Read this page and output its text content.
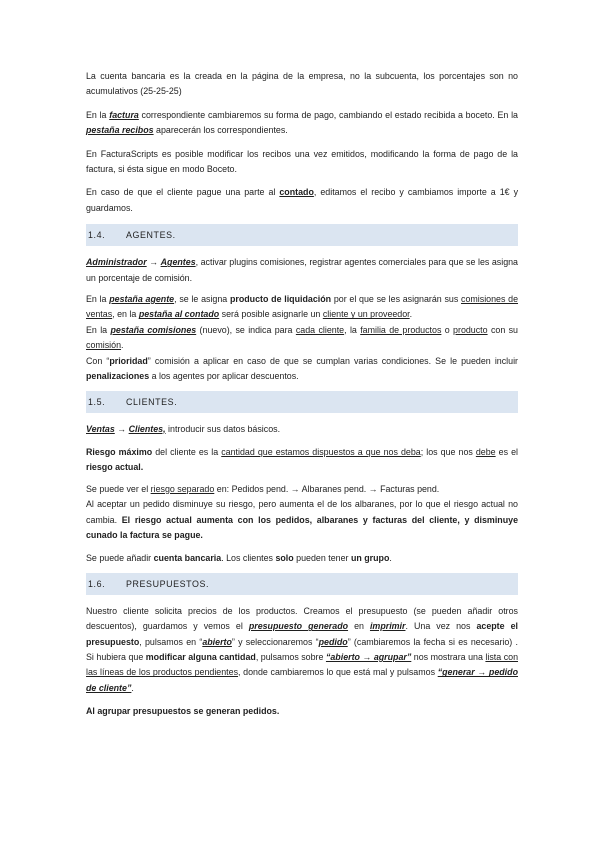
La cuenta bancaria es la creada en la página de la empresa, no la subcuenta, los porcentajes son no acumulativos (25-25-25)

En la factura correspondiente cambiaremos su forma de pago, cambiando el estado recibida a boceto. En la pestaña recibos aparecerán los correspondientes.

En FacturaScripts es posible modificar los recibos una vez emitidos, modificando la forma de pago de la factura, si ésta sigue en modo Boceto.

En caso de que el cliente pague una parte al contado, editamos el recibo y cambiamos importe a 1€ y guardamos.

1.4. AGENTES.

Administrador → Agentes, activar plugins comisiones, registrar agentes comerciales para que se les asigna un porcentaje de comisión.

En la pestaña agente, se le asigna producto de liquidación por el que se les asignarán sus comisiones de ventas, en la pestaña al contado será posible asignarle un cliente y un proveedor.

En la pestaña comisiones (nuevo), se indica para cada cliente, la familia de productos o producto con su comisión.

Con “prioridad” comisión a aplicar en caso de que se cumplan varias condiciones. Se le pueden incluir penalizaciones a los agentes por aplicar descuentos.

1.5. CLIENTES.

Ventas → Clientes, introducir sus datos básicos.

Riesgo máximo del cliente es la cantidad que estamos dispuestos a que nos deba; los que nos debe es el riesgo actual.

Se puede ver el riesgo separado en: Pedidos pend. → Albaranes pend. → Facturas pend.

Al aceptar un pedido disminuye su riesgo, pero aumenta el de los albaranes, por lo que el riesgo actual no cambia. El riesgo actual aumenta con los pedidos, albaranes y facturas del cliente, y disminuye cunado la factura se pague.

Se puede añadir cuenta bancaria. Los clientes solo pueden tener un grupo.

1.6. PRESUPUESTOS.

Nuestro cliente solicita precios de los productos. Creamos el presupuesto (se pueden añadir otros descuentos), guardamos y vemos el presupuesto generado en imprimir. Una vez nos acepte el presupuesto, pulsamos en “abierto” y seleccionaremos “pedido” (cambiaremos la fecha si es necesario) . Si hubiera que modificar alguna cantidad, pulsamos sobre “abierto → agrupar” nos mostrara una lista con las líneas de los productos pendientes, donde cambiaremos lo que está mal y pulsamos “generar → pedido de cliente”.

Al agrupar presupuestos se generan pedidos.
